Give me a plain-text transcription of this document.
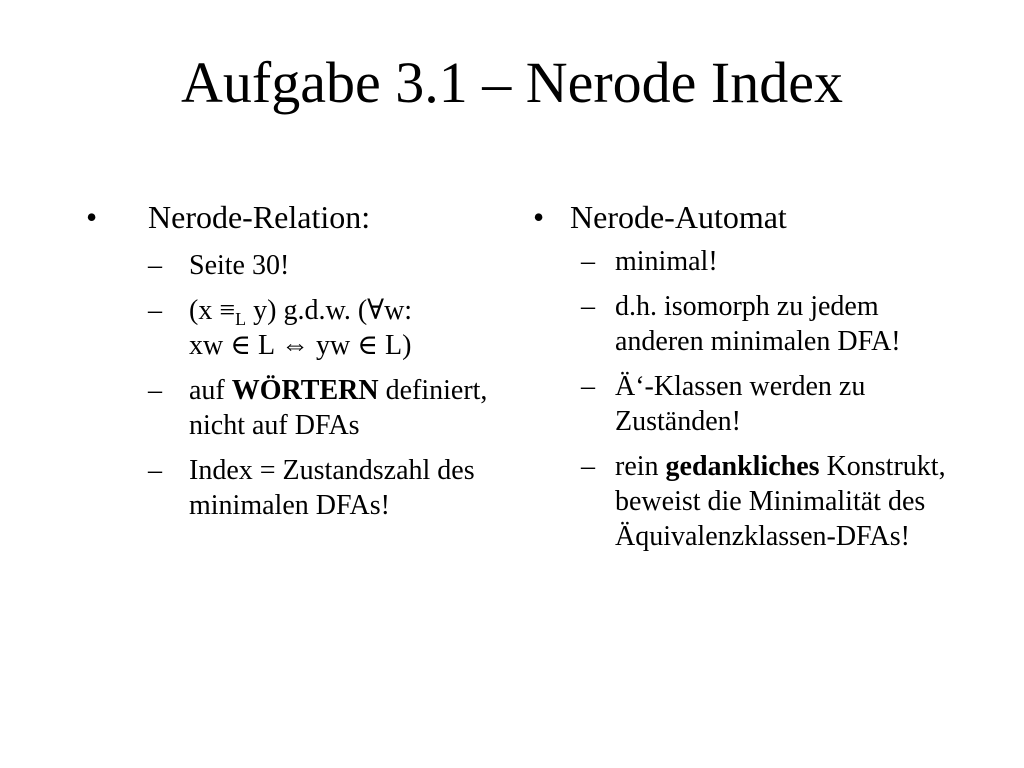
Aufgabe 3.1 – Nerode Index
•	Nerode-Relation:
– Seite 30!
– ($x \equiv_L$ y) g.d.w. (∀w:
xw ∈ L ⇔ yw ∈ L)
– auf WÖRTERN definiert, nicht auf DFAs
– Index = Zustandszahl des minimalen DFAs!
• Nerode-Automat
– minimal!
– d.h. isomorph zu jedem anderen minimalen DFA!
– Ä‘-Klassen werden zu Zuständen!
– rein gedankliches Konstrukt, beweist die Minimalität des Äquivalenzklassen-DFAs!
